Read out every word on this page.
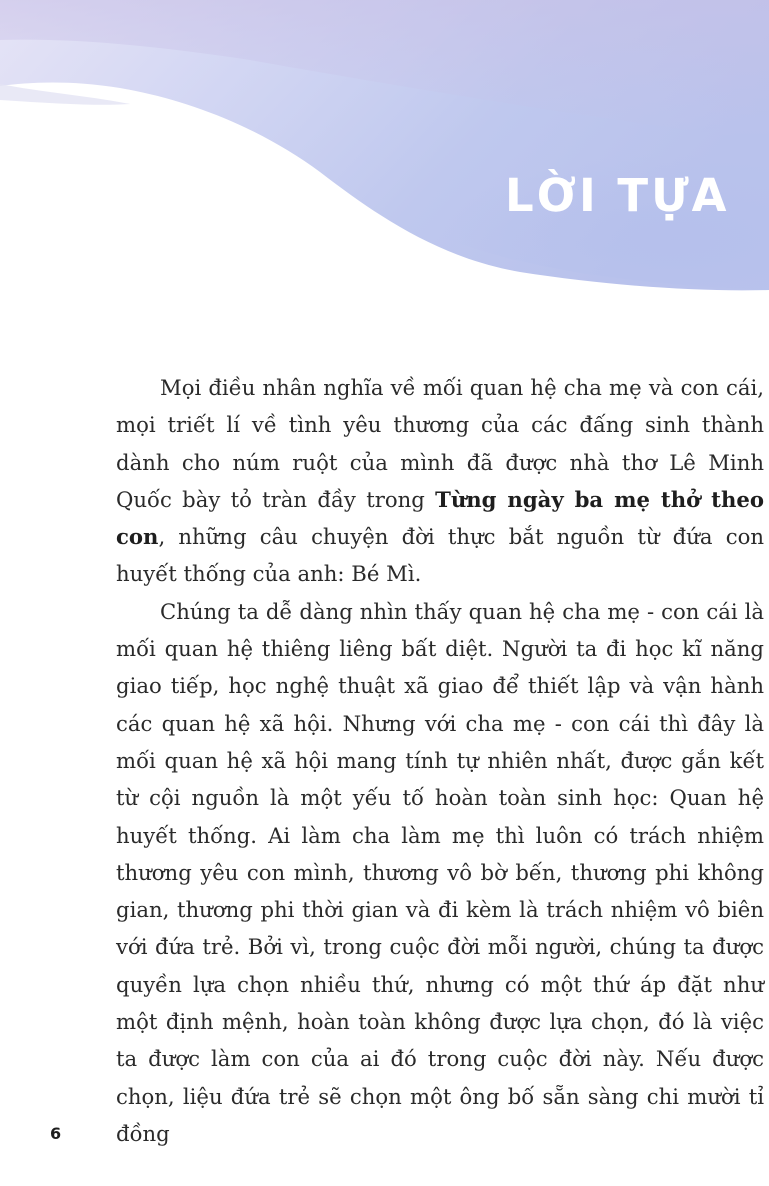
LỜI TỰA

Mọi điều nhân nghĩa về mối quan hệ cha mẹ và con cái, mọi triết lí về tình yêu thương của các đấng sinh thành dành cho núm ruột của mình đã được nhà thơ Lê Minh Quốc bày tỏ tràn đầy trong Từng ngày ba mẹ thở theo con, những câu chuyện đời thực bắt nguồn từ đứa con huyết thống của anh: Bé Mì.

Chúng ta dễ dàng nhìn thấy quan hệ cha mẹ - con cái là mối quan hệ thiêng liêng bất diệt. Người ta đi học kĩ năng giao tiếp, học nghệ thuật xã giao để thiết lập và vận hành các quan hệ xã hội. Nhưng với cha mẹ - con cái thì đây là mối quan hệ xã hội mang tính tự nhiên nhất, được gắn kết từ cội nguồn là một yếu tố hoàn toàn sinh học: Quan hệ huyết thống. Ai làm cha làm mẹ thì luôn có trách nhiệm thương yêu con mình, thương vô bờ bến, thương phi không gian, thương phi thời gian và đi kèm là trách nhiệm vô biên với đứa trẻ. Bởi vì, trong cuộc đời mỗi người, chúng ta được quyền lựa chọn nhiều thứ, nhưng có một thứ áp đặt như một định mệnh, hoàn toàn không được lựa chọn, đó là việc ta được làm con của ai đó trong cuộc đời này. Nếu được chọn, liệu đứa trẻ sẽ chọn một ông bố sẵn sàng chi mười tỉ đồng

6
